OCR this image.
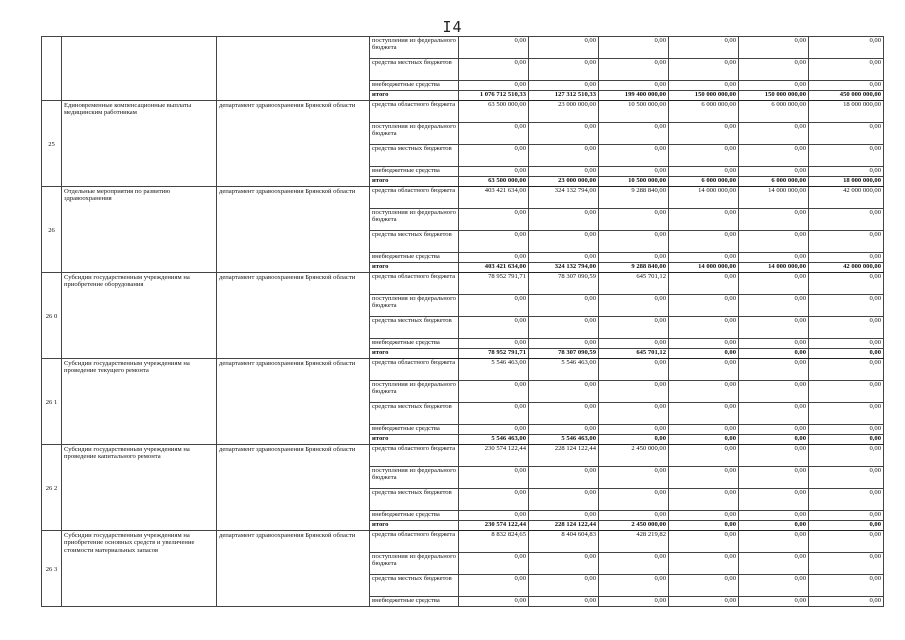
I4
			поступления из федерального бюджета	0,00	0,00	0,00	0,00	0,00	0,00
			средства местных бюджетов	0,00	0,00	0,00	0,00	0,00	0,00
			внебюджетные средства	0,00	0,00	0,00	0,00	0,00	0,00
			итого	1 076 712 510,33	127 312 510,33	199 400 000,00	150 000 000,00	150 000 000,00	450 000 000,00
25	Единовременные компенсационные выплаты медицинским работникам	департамент здравоохранения Брянской области	средства областного бюджета	63 500 000,00	23 000 000,00	10 500 000,00	6 000 000,00	6 000 000,00	18 000 000,00
			поступления из федерального бюджета	0,00	0,00	0,00	0,00	0,00	0,00
			средства местных бюджетов	0,00	0,00	0,00	0,00	0,00	0,00
			внебюджетные средства	0,00	0,00	0,00	0,00	0,00	0,00
			итого	63 500 000,00	23 000 000,00	10 500 000,00	6 000 000,00	6 000 000,00	18 000 000,00
26	Отдельные мероприятия по развитию здравоохранения	департамент здравоохранения Брянской области	средства областного бюджета	403 421 634,00	324 132 794,00	9 288 840,00	14 000 000,00	14 000 000,00	42 000 000,00
			поступления из федерального бюджета	0,00	0,00	0,00	0,00	0,00	0,00
			средства местных бюджетов	0,00	0,00	0,00	0,00	0,00	0,00
			внебюджетные средства	0,00	0,00	0,00	0,00	0,00	0,00
			итого	403 421 634,00	324 132 794,00	9 288 840,00	14 000 000,00	14 000 000,00	42 000 000,00
26 0	Субсидии государственным учреждениям на приобретение оборудования	департамент здравоохранения Брянской области	средства областного бюджета	78 952 791,71	78 307 090,59	645 701,12	0,00	0,00	0,00
			поступления из федерального бюджета	0,00	0,00	0,00	0,00	0,00	0,00
			средства местных бюджетов	0,00	0,00	0,00	0,00	0,00	0,00
			внебюджетные средства	0,00	0,00	0,00	0,00	0,00	0,00
			итого	78 952 791,71	78 307 090,59	645 701,12	0,00	0,00	0,00
26 1	Субсидии государственным учреждениям на проведение текущего ремонта	департамент здравоохранения Брянской области	средства областного бюджета	5 546 463,00	5 546 463,00	0,00	0,00	0,00	0,00
			поступления из федерального бюджета	0,00	0,00	0,00	0,00	0,00	0,00
			средства местных бюджетов	0,00	0,00	0,00	0,00	0,00	0,00
			внебюджетные средства	0,00	0,00	0,00	0,00	0,00	0,00
			итого	5 546 463,00	5 546 463,00	0,00	0,00	0,00	0,00
26 2	Субсидии государственным учреждениям на проведение капитального ремонта	департамент здравоохранения Брянской области	средства областного бюджета	230 574 122,44	228 124 122,44	2 450 000,00	0,00	0,00	0,00
			поступления из федерального бюджета	0,00	0,00	0,00	0,00	0,00	0,00
			средства местных бюджетов	0,00	0,00	0,00	0,00	0,00	0,00
			внебюджетные средства	0,00	0,00	0,00	0,00	0,00	0,00
			итого	230 574 122,44	228 124 122,44	2 450 000,00	0,00	0,00	0,00
26 3	Субсидии государственным учреждениям на приобретение основных средств и увеличение стоимости материальных запасов	департамент здравоохранения Брянской области	средства областного бюджета	8 832 824,65	8 404 604,83	428 219,82	0,00	0,00	0,00
			поступления из федерального бюджета	0,00	0,00	0,00	0,00	0,00	0,00
			средства местных бюджетов	0,00	0,00	0,00	0,00	0,00	0,00
			внебюджетные средства	0,00	0,00	0,00	0,00	0,00	0,00
